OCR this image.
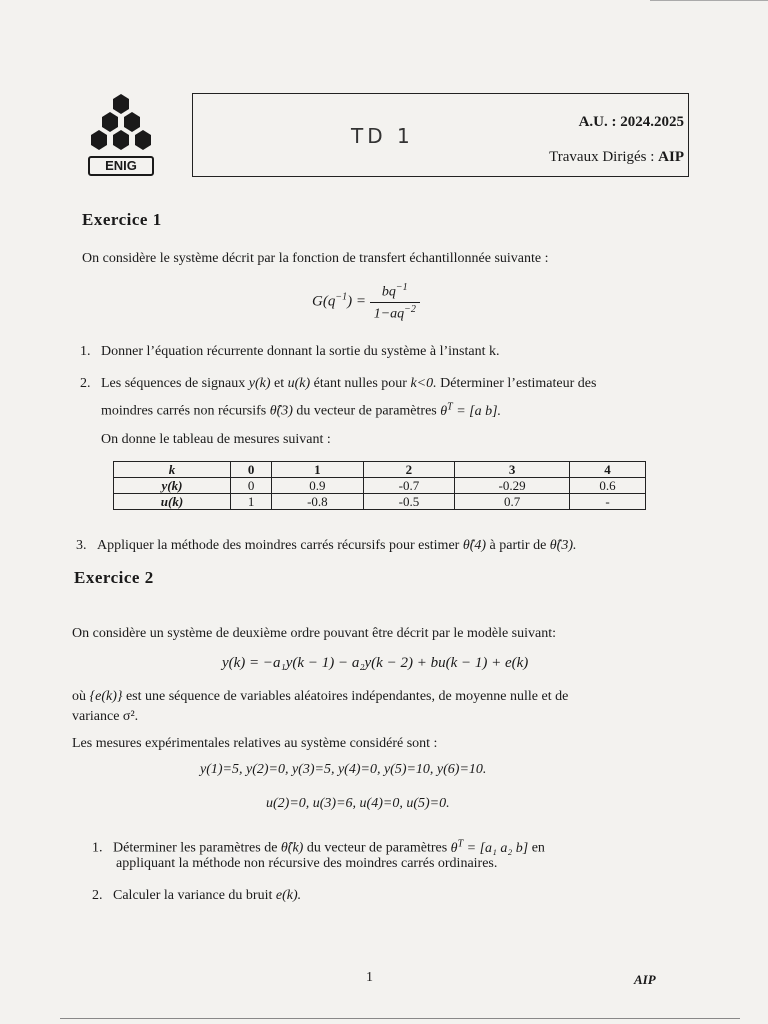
ENIG
TD 1
A.U. : 2024.2025
Travaux Dirigés : AIP
Exercice 1
On considère le système décrit par la fonction de transfert échantillonnée suivante :
$G(q^{-1}) = \frac{bq^{-1}}{1-aq^{-2}}$
1. Donner l’équation récurrente donnant la sortie du système à l’instant k.
2. Les séquences de signaux y(k) et u(k) étant nulles pour k<0. Déterminer l’estimateur des
moindres carrés non récursifs θ̂(3) du vecteur de paramètres $\theta^T = [a$ b].
On donne le tableau de mesures suivant :
k	0	1	2	3	4
y(k)	0	0.9	-0.7	-0.29	0.6
u(k)	1	-0.8	-0.5	0.7	-
3. Appliquer la méthode des moindres carrés récursifs pour estimer θ̂(4) à partir de θ̂(3).
Exercice 2
On considère un système de deuxième ordre pouvant être décrit par le modèle suivant:
y(k) = −a₁y(k − 1) − a₂y(k − 2) + bu(k − 1) + e(k)
où {e(k)} est une séquence de variables aléatoires indépendantes, de moyenne nulle et de
variance σ².
Les mesures expérimentales relatives au système considéré sont :
y(1)=5, y(2)=0, y(3)=5, y(4)=0, y(5)=10, y(6)=10.
u(2)=0, u(3)=6, u(4)=0, u(5)=0.
1. Déterminer les paramètres de θ̂(k) du vecteur de paramètres $\theta^T = [a_1$ a₂ b] en
appliquant la méthode non récursive des moindres carrés ordinaires.
2. Calculer la variance du bruit e(k).
1	AIP
